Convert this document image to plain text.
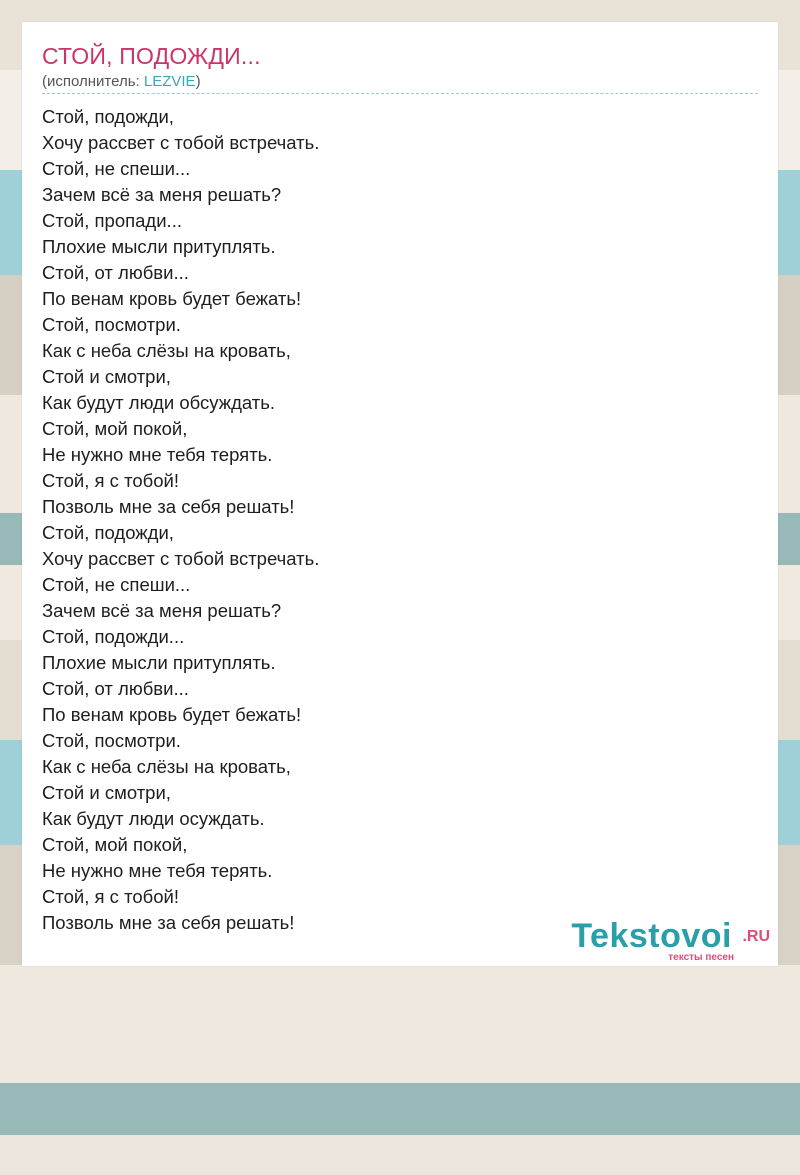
СТОЙ, ПОДОЖДИ...
(исполнитель: LEZVIE)
Стой, подожди,
Хочу рассвет с тобой встречать.
Стой, не спеши...
Зачем всё за меня решать?
Стой, пропади...
Плохие мысли притуплять.
Стой, от любви...
По венам кровь будет бежать!
Стой, посмотри.
Как с неба слёзы на кровать,
Стой и смотри,
Как будут люди обсуждать.
Стой, мой покой,
Не нужно мне тебя терять.
Стой, я с тобой!
Позволь мне за себя решать!
Стой, подожди,
Хочу рассвет с тобой встречать.
Стой, не спеши...
Зачем всё за меня решать?
Стой, подожди...
Плохие мысли притуплять.
Стой, от любви...
По венам кровь будет бежать!
Стой, посмотри.
Как с неба слёзы на кровать,
Стой и смотри,
Как будут люди осуждать.
Стой, мой покой,
Не нужно мне тебя терять.
Стой, я с тобой!
Позволь мне за себя решать!	Tekstovoi .RU
тексты песен
